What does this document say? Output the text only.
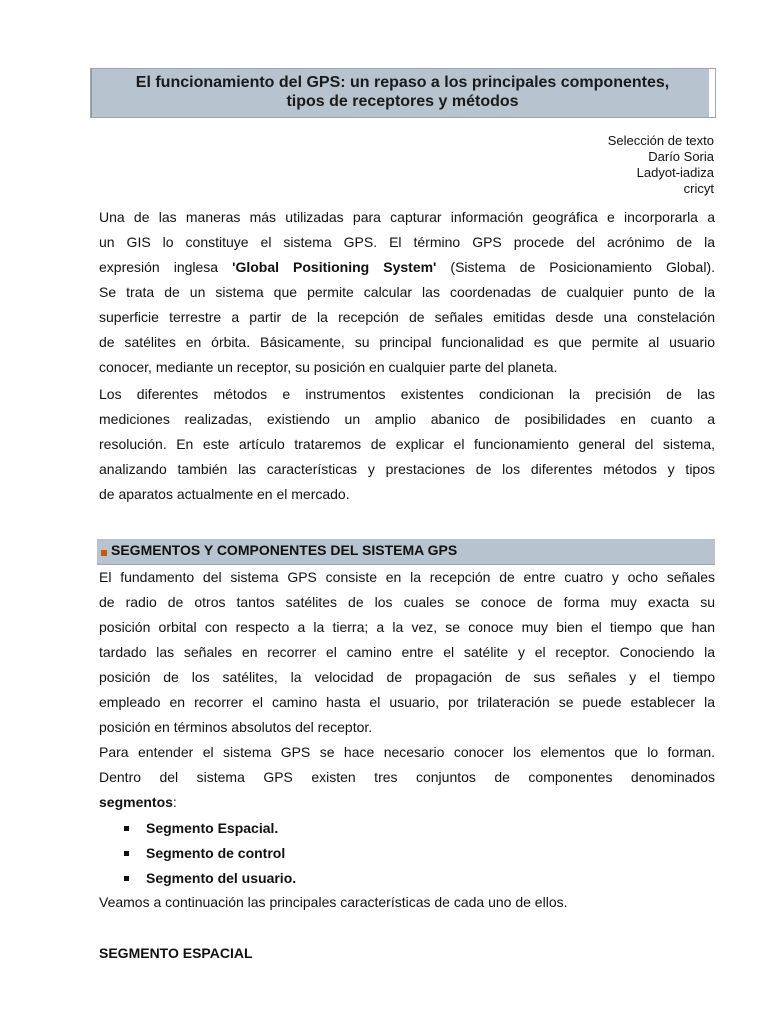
El funcionamiento del GPS: un repaso a los principales componentes,
tipos de receptores y métodos
Selección de texto
Darío Soria
Ladyot-iadiza
cricyt
Una de las maneras más utilizadas para capturar información geográfica e incorporarla a
un GIS lo constituye el sistema GPS. El término GPS procede del acrónimo de la
expresión inglesa 'Global Positioning System' (Sistema de Posicionamiento Global).
Se trata de un sistema que permite calcular las coordenadas de cualquier punto de la
superficie terrestre a partir de la recepción de señales emitidas desde una constelación
de satélites en órbita. Básicamente, su principal funcionalidad es que permite al usuario
conocer, mediante un receptor, su posición en cualquier parte del planeta.
Los diferentes métodos e instrumentos existentes condicionan la precisión de las
mediciones realizadas, existiendo un amplio abanico de posibilidades en cuanto a
resolución. En este artículo trataremos de explicar el funcionamiento general del sistema,
analizando también las características y prestaciones de los diferentes métodos y tipos
de aparatos actualmente en el mercado.
SEGMENTOS Y COMPONENTES DEL SISTEMA GPS
El fundamento del sistema GPS consiste en la recepción de entre cuatro y ocho señales
de radio de otros tantos satélites de los cuales se conoce de forma muy exacta su
posición orbital con respecto a la tierra; a la vez, se conoce muy bien el tiempo que han
tardado las señales en recorrer el camino entre el satélite y el receptor. Conociendo la
posición de los satélites, la velocidad de propagación de sus señales y el tiempo
empleado en recorrer el camino hasta el usuario, por trilateración se puede establecer la
posición en términos absolutos del receptor.
Para entender el sistema GPS se hace necesario conocer los elementos que lo forman.
Dentro del sistema GPS existen tres conjuntos de componentes denominados
segmentos:
Segmento Espacial.
Segmento de control
Segmento del usuario.
Veamos a continuación las principales características de cada uno de ellos.
SEGMENTO ESPACIAL
